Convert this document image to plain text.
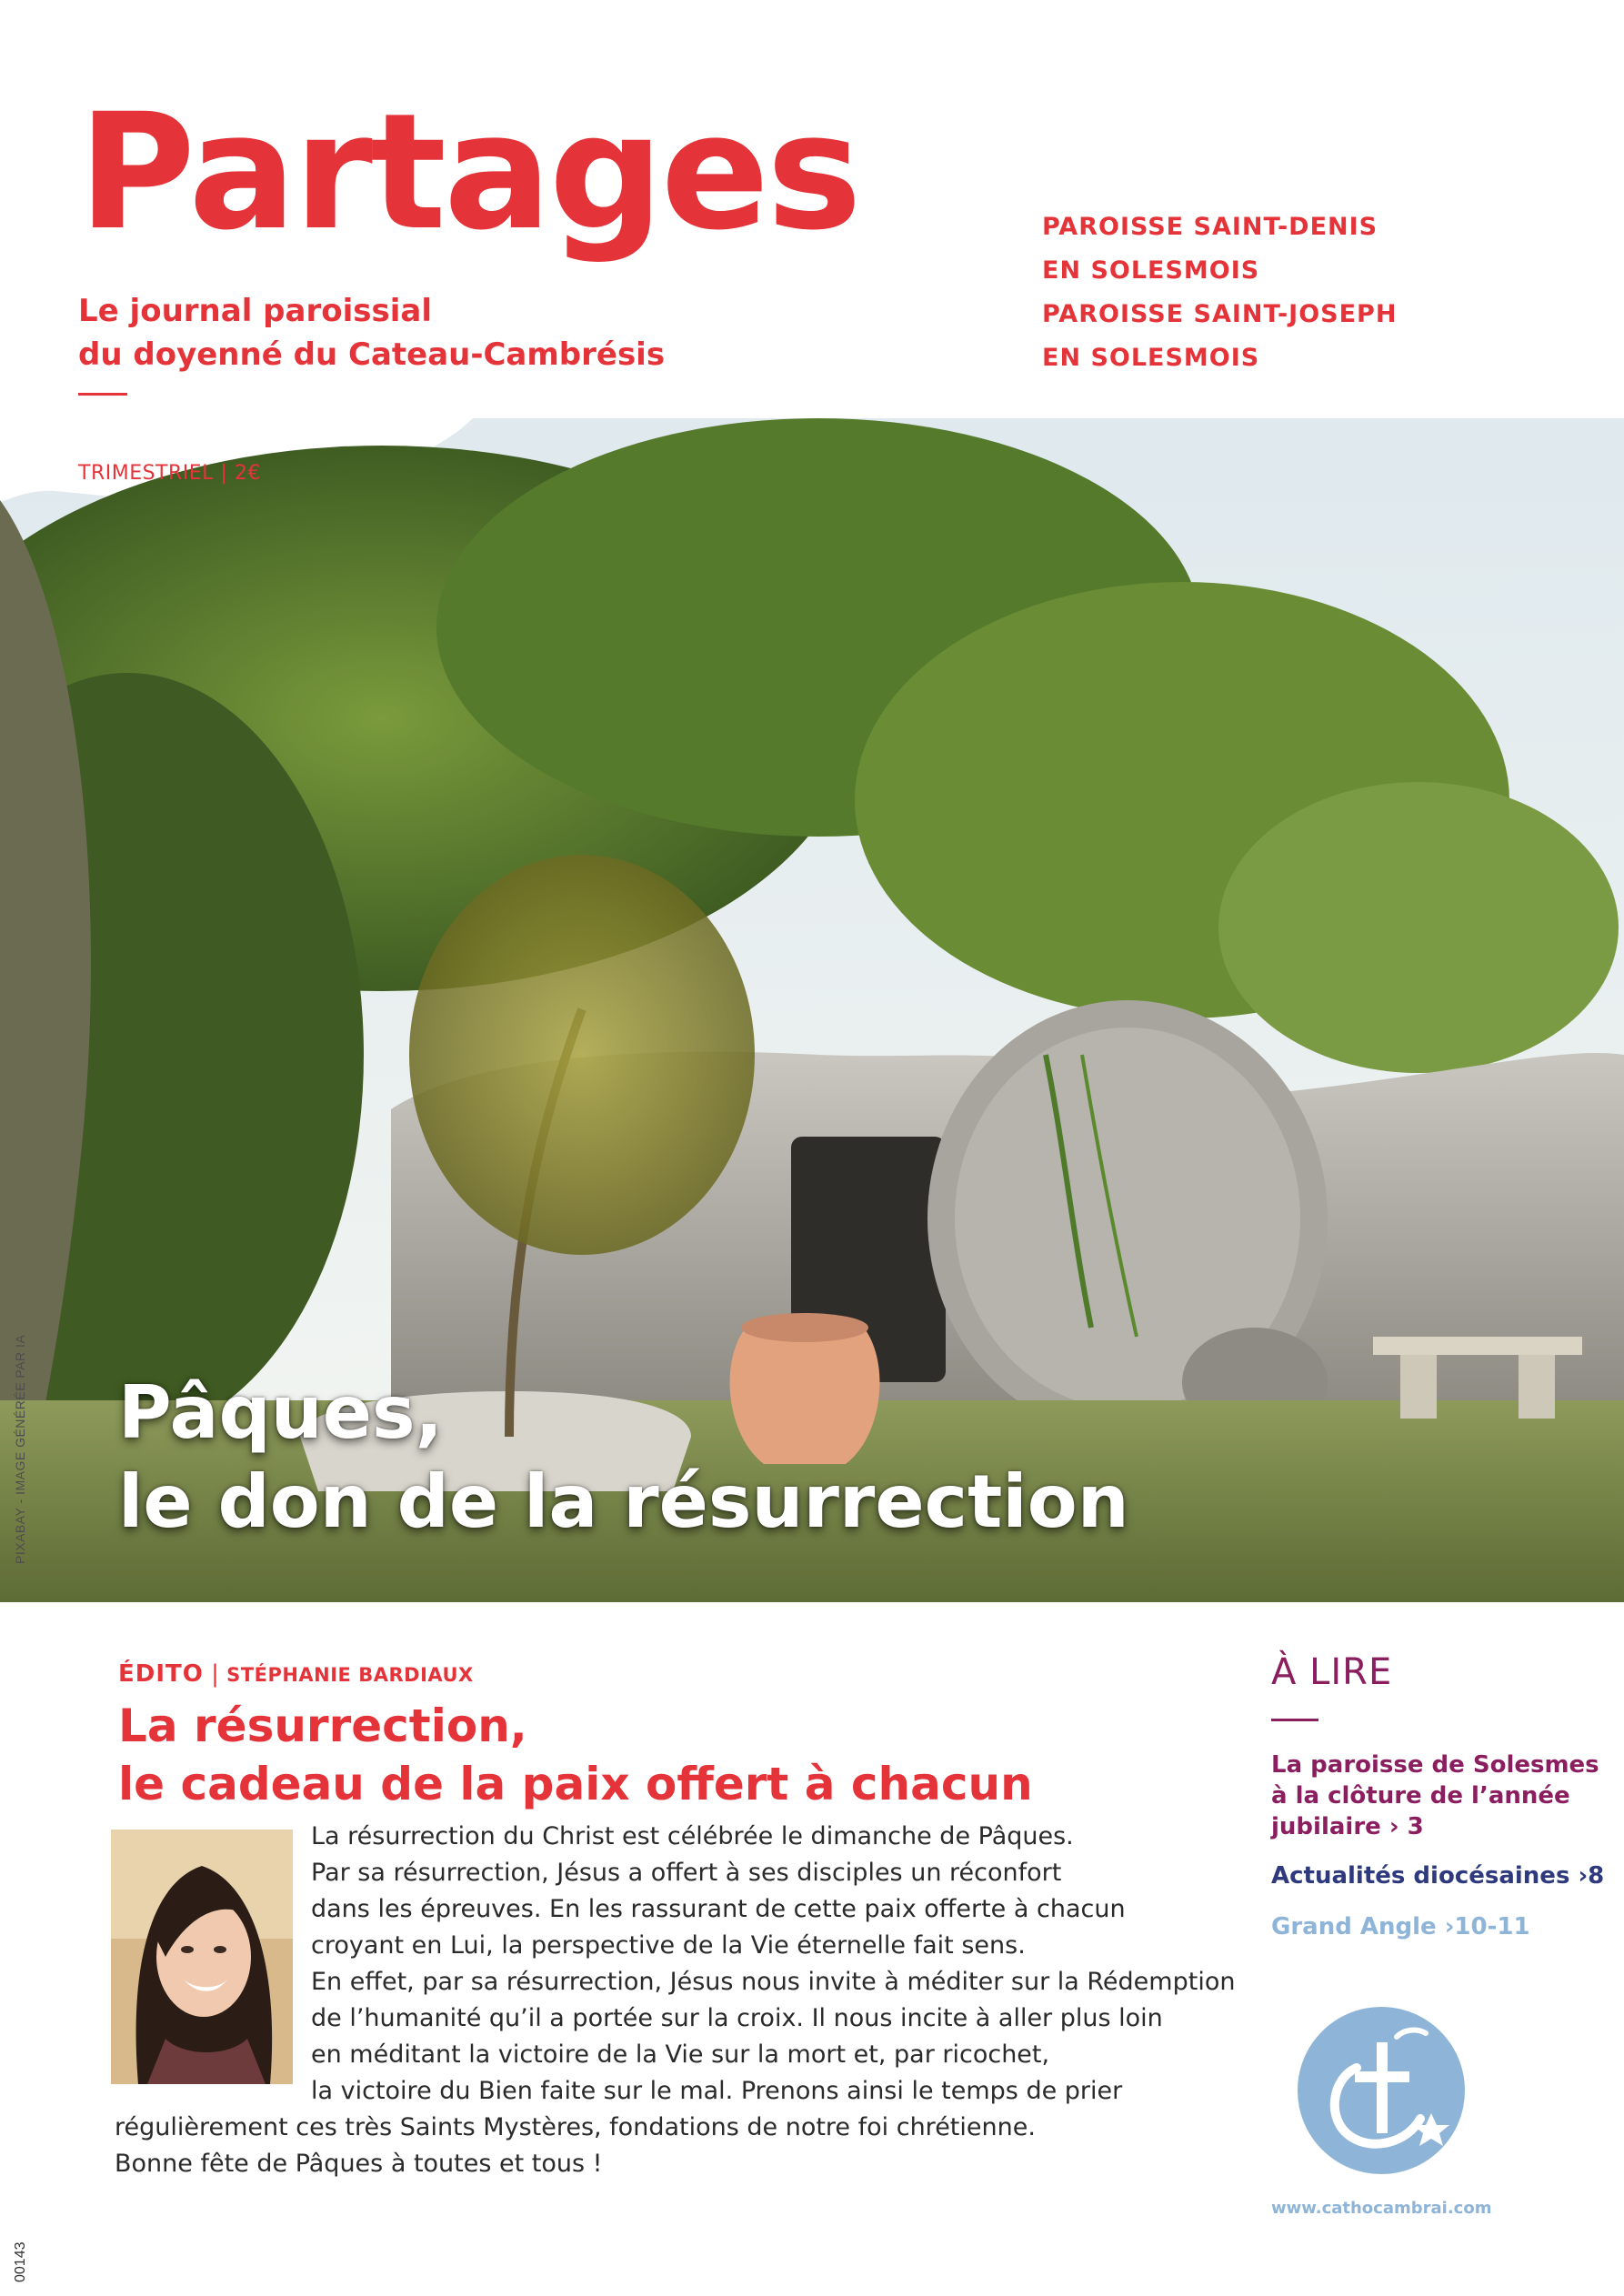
Partages
Le journal paroissial
du doyenné du Cateau-Cambrésis
PAROISSE SAINT-DENIS
EN SOLESMOIS
PAROISSE SAINT-JOSEPH
EN SOLESMOIS
TRIMESTRIEL | 2€
Pâques,
le don de la résurrection
PIXABAY - IMAGE GÉNÉRÉE PAR IA
ÉDITO | STÉPHANIE BARDIAUX
La résurrection,
le cadeau de la paix offert à chacun
La résurrection du Christ est célébrée le dimanche de Pâques.
Par sa résurrection, Jésus a offert à ses disciples un réconfort
dans les épreuves. En les rassurant de cette paix offerte à chacun
croyant en Lui, la perspective de la Vie éternelle fait sens.
En effet, par sa résurrection, Jésus nous invite à méditer sur la Rédemption
de l’humanité qu’il a portée sur la croix. Il nous incite à aller plus loin
en méditant la victoire de la Vie sur la mort et, par ricochet,
la victoire du Bien faite sur le mal. Prenons ainsi le temps de prier
régulièrement ces très Saints Mystères, fondations de notre foi chrétienne.
Bonne fête de Pâques à toutes et tous !
À LIRE
La paroisse de Solesmes
à la clôture de l’année
jubilaire › 3
Actualités diocésaines ›8
Grand Angle ›10-11
www.cathocambrai.com
00143
